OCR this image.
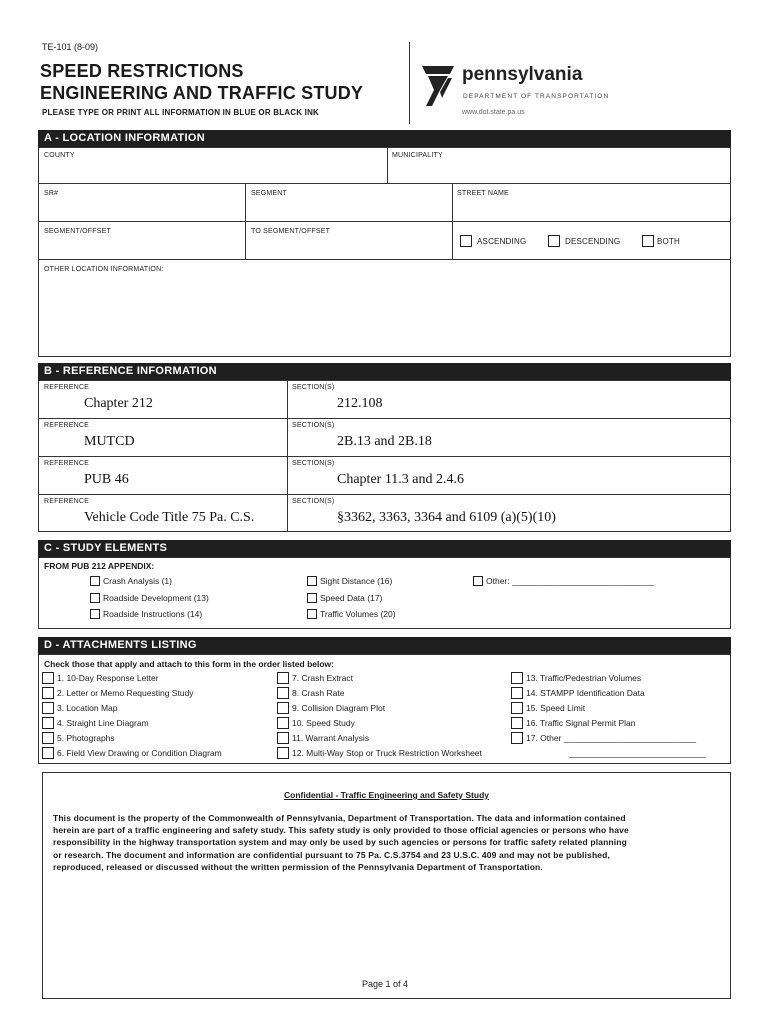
TE-101 (8-09)
SPEED RESTRICTIONS
ENGINEERING AND TRAFFIC STUDY
PLEASE TYPE OR PRINT ALL INFORMATION IN BLUE OR BLACK INK
pennsylvania
DEPARTMENT OF TRANSPORTATION
www.dot.state.pa.us
A - LOCATION INFORMATION
COUNTY	MUNICIPALITY
SR#	SEGMENT	STREET NAME
SEGMENT/OFFSET	TO SEGMENT/OFFSET
ASCENDING	DESCENDING	BOTH
OTHER LOCATION INFORMATION:
B - REFERENCE INFORMATION
REFERENCE	SECTION(S)
Chapter 212	212.108
REFERENCE	SECTION(S)
MUTCD	2B.13 and 2B.18
REFERENCE	SECTION(S)
PUB 46	Chapter 11.3 and 2.4.6
REFERENCE	SECTION(S)
Vehicle Code Title 75 Pa. C.S.	§3362, 3363, 3364 and 6109 (a)(5)(10)
C - STUDY ELEMENTS
FROM PUB 212 APPENDIX:
Crash Analysis (1)
Roadside Development (13)
Roadside Instructions (14)
Sight Distance (16)
Speed Data (17)
Traffic Volumes (20)
Other: ______________________________
D - ATTACHMENTS LISTING
Check those that apply and attach to this form in the order listed below:
1. 10-Day Response Letter
2. Letter or Memo Requesting Study
3. Location Map
4. Straight Line Diagram
5. Photographs
6. Field View Drawing or Condition Diagram
7. Crash Extract
8. Crash Rate
9. Collision Diagram Plot
10. Speed Study
11. Warrant Analysis
12. Multi-Way Stop or Truck Restriction Worksheet
13. Traffic/Pedestrian Volumes
14. STAMPP Identification Data
15. Speed Limit
16. Traffic Signal Permit Plan
17. Other ____________________________
_____________________________
Confidential - Traffic Engineering and Safety Study
This document is the property of the Commonwealth of Pennsylvania, Department of Transportation. The data and information contained
herein are part of a traffic engineering and safety study. This safety study is only provided to those official agencies or persons who have
responsibility in the highway transportation system and may only be used by such agencies or persons for traffic safety related planning
or research. The document and information are confidential pursuant to 75 Pa. C.S.3754 and 23 U.S.C. 409 and may not be published,
reproduced, released or discussed without the written permission of the Pennsylvania Department of Transportation.
Page 1 of 4
